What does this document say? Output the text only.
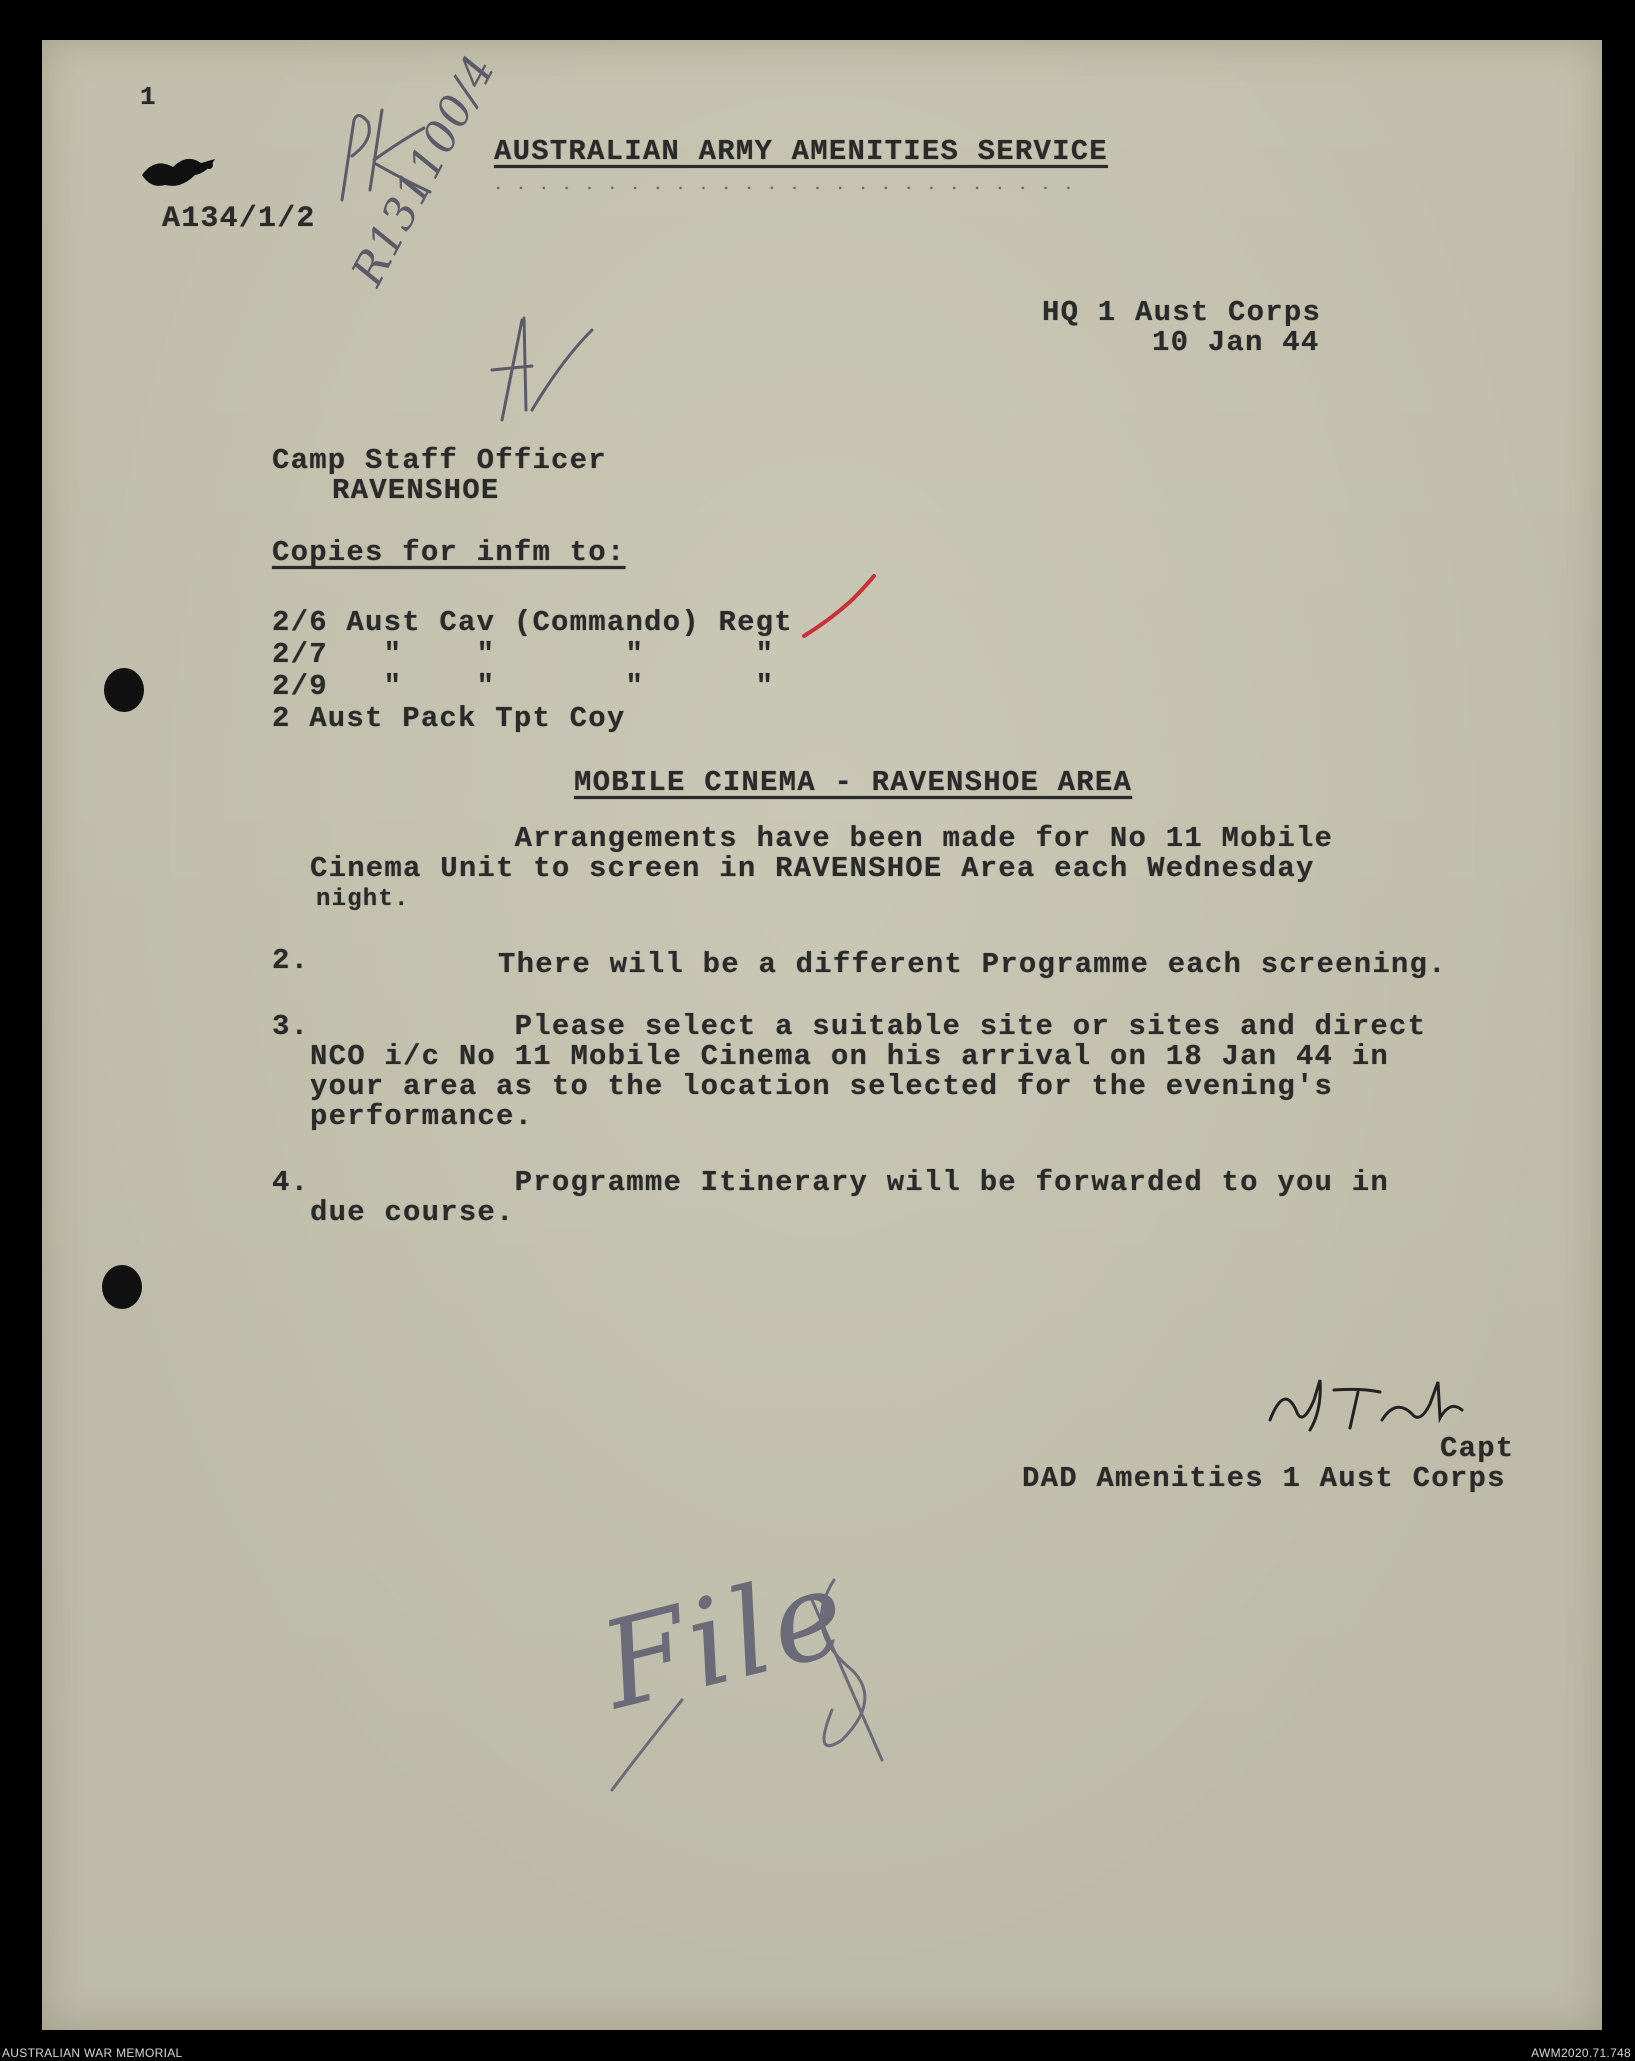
1
A134/1/2
AUSTRALIAN ARMY AMENITIES SERVICE
. . . . . . . . . . . . . . . . . . . . . . . . . .
R131100/4
HQ 1 Aust Corps
10 Jan 44
Camp Staff Officer
RAVENSHOE
Copies for infm to:
2/6 Aust Cav (Commando) Regt
2/7   "    "       "      "
2/9   "    "       "      "
2 Aust Pack Tpt Coy
MOBILE CINEMA - RAVENSHOE AREA
Arrangements have been made for No 11 Mobile
Cinema Unit to screen in RAVENSHOE Area each Wednesday
night.
2.	There will be a different Programme each screening.
3. Please select a suitable site or sites and direct
NCO i/c No 11 Mobile Cinema on his arrival on 18 Jan 44 in
your area as to the location selected for the evening's
performance.
4. Programme Itinerary will be forwarded to you in
due course.
Capt
DAD Amenities 1 Aust Corps
File
AUSTRALIAN WAR MEMORIAL	AWM2020.71.748
